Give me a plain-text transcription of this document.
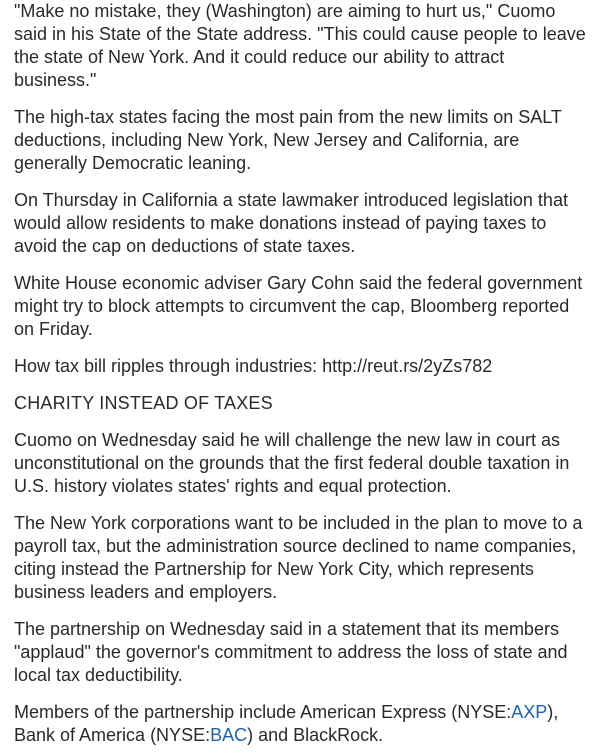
"Make no mistake, they (Washington) are aiming to hurt us," Cuomo said in his State of the State address. "This could cause people to leave the state of New York. And it could reduce our ability to attract business."

The high-tax states facing the most pain from the new limits on SALT deductions, including New York, New Jersey and California, are generally Democratic leaning.

On Thursday in California a state lawmaker introduced legislation that would allow residents to make donations instead of paying taxes to avoid the cap on deductions of state taxes.

White House economic adviser Gary Cohn said the federal government might try to block attempts to circumvent the cap, Bloomberg reported on Friday.

How tax bill ripples through industries: http://reut.rs/2yZs782

CHARITY INSTEAD OF TAXES

Cuomo on Wednesday said he will challenge the new law in court as unconstitutional on the grounds that the first federal double taxation in U.S. history violates states' rights and equal protection.

The New York corporations want to be included in the plan to move to a payroll tax, but the administration source declined to name companies, citing instead the Partnership for New York City, which represents business leaders and employers.

The partnership on Wednesday said in a statement that its members "applaud" the governor's commitment to address the loss of state and local tax deductibility.

Members of the partnership include American Express (NYSE:AXP), Bank of America (NYSE:BAC) and BlackRock.
